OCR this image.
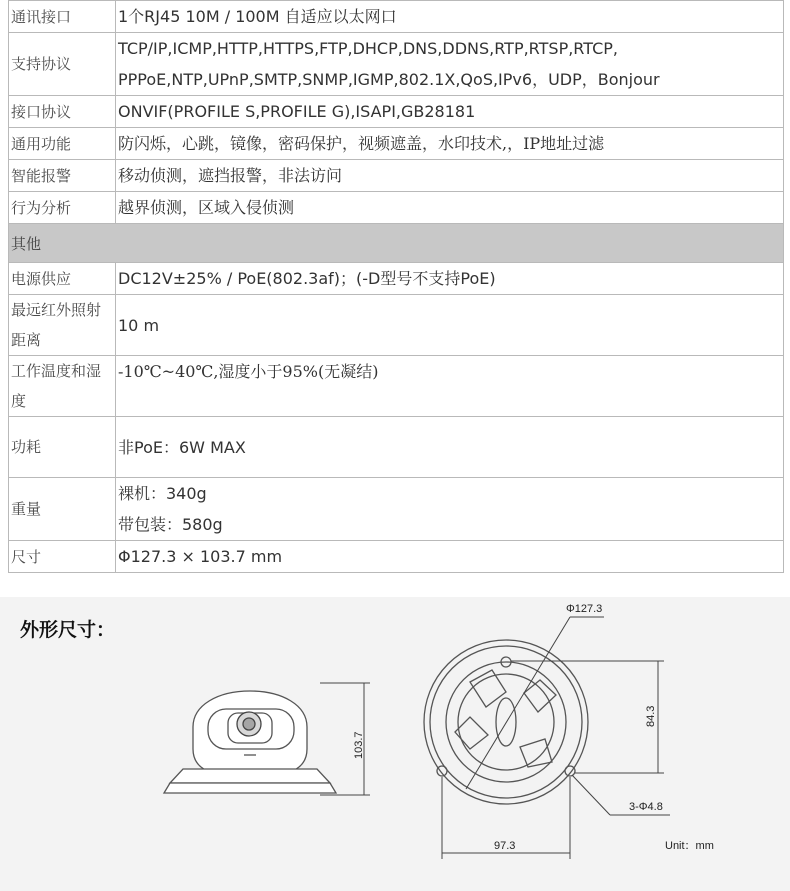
通讯接口	1个RJ45 10M / 100M 自适应以太网口
支持协议	TCP/IP,ICMP,HTTP,HTTPS,FTP,DHCP,DNS,DDNS,RTP,RTSP,RTCP,
PPPoE,NTP,UPnP,SMTP,SNMP,IGMP,802.1X,QoS,IPv6，UDP，Bonjour

接口协议	ONVIF(PROFILE S,PROFILE G),ISAPI,GB28181
通用功能	防闪烁，心跳，镜像，密码保护，视频遮盖，水印技术,，IP地址过滤
智能报警	移动侦测，遮挡报警，非法访问
行为分析	越界侦测，区域入侵侦测
其他	
电源供应	DC12V±25% / PoE(802.3af)；(-D型号不支持PoE)
最远红外照射距离	10 m
工作温度和湿度	-10℃~40℃,湿度小于95%(无凝结)
功耗	非PoE：6W MAX
重量	裸机：340g
带包装：580g

尺寸	Φ127.3 × 103.7 mm
外形尺寸：
103.7
Φ127.3
84.3
97.3
3-Φ4.8
Unit：mm
